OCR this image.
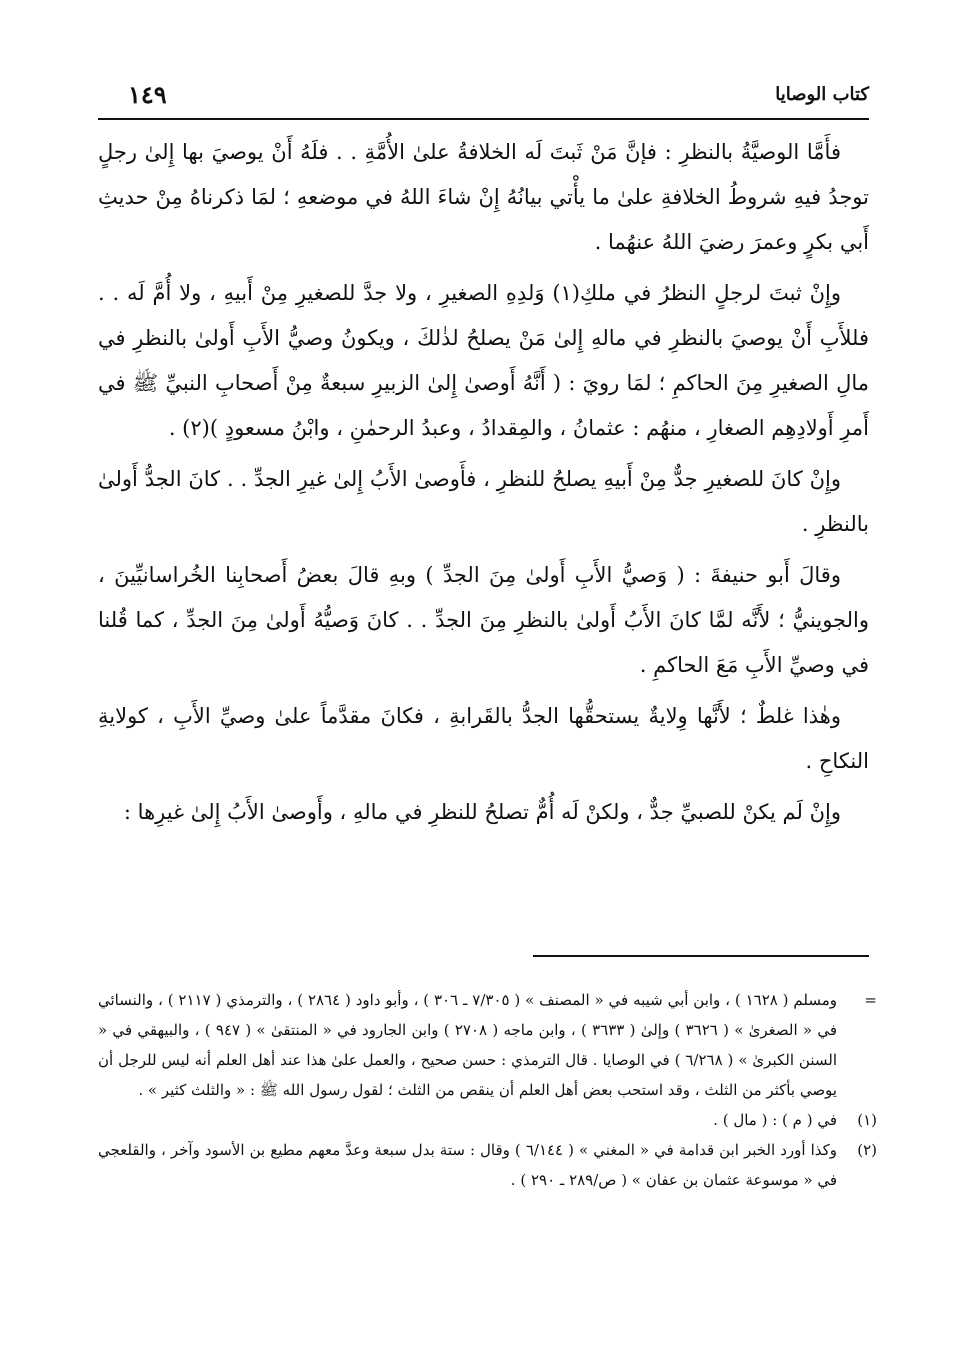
كتاب الوصايا
١٤٩

فأَمَّا الوصيَّةُ بالنظرِ : فإنَّ مَنْ ثَبتَ لَه الخلافةُ علىٰ الأُمَّةِ . . فلَهُ أَنْ يوصيَ بها إِلىٰ رجلٍ توجدُ فيهِ شروطُ الخلافةِ علىٰ ما يأْتي بيانُهُ إِنْ شاءَ اللهُ في موضعهِ ؛ لمَا ذكرناهُ مِنْ حديثِ أَبي بكرٍ وعمرَ رضيَ اللهُ عنهُما .

وإِنْ ثبتَ لرجلٍ النظرُ في ملكِ(١) وَلدِهِ الصغيرِ ، ولا جدَّ للصغيرِ مِنْ أَبيهِ ، ولا أُمَّ لَه . . فللأَبِ أَنْ يوصيَ بالنظرِ في مالهِ إِلىٰ مَنْ يصلحُ لذٰلكَ ، ويكونُ وصيُّ الأَبِ أَولىٰ بالنظرِ في مالِ الصغيرِ مِنَ الحاكمِ ؛ لمَا رويَ : ( أَنَّهُ أَوصىٰ إِلىٰ الزبيرِ سبعةٌ مِنْ أَصحابِ النبيِّ ﷺ في أَمرِ أَولادِهِم الصغارِ ، منهُم : عثمانُ ، والمِقدادُ ، وعبدُ الرحمٰنِ ، وابْنُ مسعودٍ )(٢) .

وإِنْ كانَ للصغيرِ جدٌّ مِنْ أَبيهِ يصلحُ للنظرِ ، فأَوصىٰ الأَبُ إِلىٰ غيرِ الجدِّ . . كانَ الجدُّ أَولىٰ بالنظرِ .

وقالَ أَبو حنيفةَ : ( وَصيُّ الأَبِ أَولىٰ مِنَ الجدِّ ) وبهِ قالَ بعضُ أَصحابِنا الخُراسانيِّينَ ، والجوينيُّ ؛ لأَنَّه لمَّا كانَ الأَبُ أَولىٰ بالنظرِ مِنَ الجدِّ . . كانَ وَصيُّهُ أَولىٰ مِنَ الجدِّ ، كما قُلنا في وصيِّ الأَبِ مَعَ الحاكمِ .

وهٰذا غلطٌ ؛ لأَنَّها وِلايةٌ يستحقُّها الجدُّ بالقَرابةِ ، فكانَ مقدَّماً علىٰ وصيِّ الأَبِ ، كولايةِ النكاحِ .

وإِنْ لَم يكنْ للصبيِّ جدٌّ ، ولكنْ لَه أُمٌّ تصلحُ للنظرِ في مالهِ ، وأَوصىٰ الأَبُ إِلىٰ غيرِها :

=
ومسلم ( ١٦٢٨ ) ، وابن أبي شيبه في « المصنف » ( ٧/٣٠٥ ـ ٣٠٦ ) ، وأبو داود ( ٢٨٦٤ ) ، والترمذي ( ٢١١٧ ) ، والنسائي في « الصغرىٰ » ( ٣٦٢٦ ) وإلىٰ ( ٣٦٣٣ ) ، وابن ماجه ( ٢٧٠٨ ) وابن الجارود في « المنتقىٰ » ( ٩٤٧ ) ، والبيهقي في « السنن الكبرىٰ » ( ٦/٢٦٨ ) في الوصايا . قال الترمذي : حسن صحيح ، والعمل علىٰ هذا عند أهل العلم أنه ليس للرجل أن يوصي بأكثر من الثلث ، وقد استحب بعض أهل العلم أن ينقص من الثلث ؛ لقول رسول الله ﷺ : « والثلث كثير » .
(١)
في ( م ) : ( مال ) .
(٢)
وكذا أورد الخبر ابن قدامة في « المغني » ( ٦/١٤٤ ) وقال : ستة بدل سبعة وعدَّ معهم مطيع بن الأسود وآخر ، والقلعجي في « موسوعة عثمان بن عفان » ( ص/٢٨٩ ـ ٢٩٠ ) .
